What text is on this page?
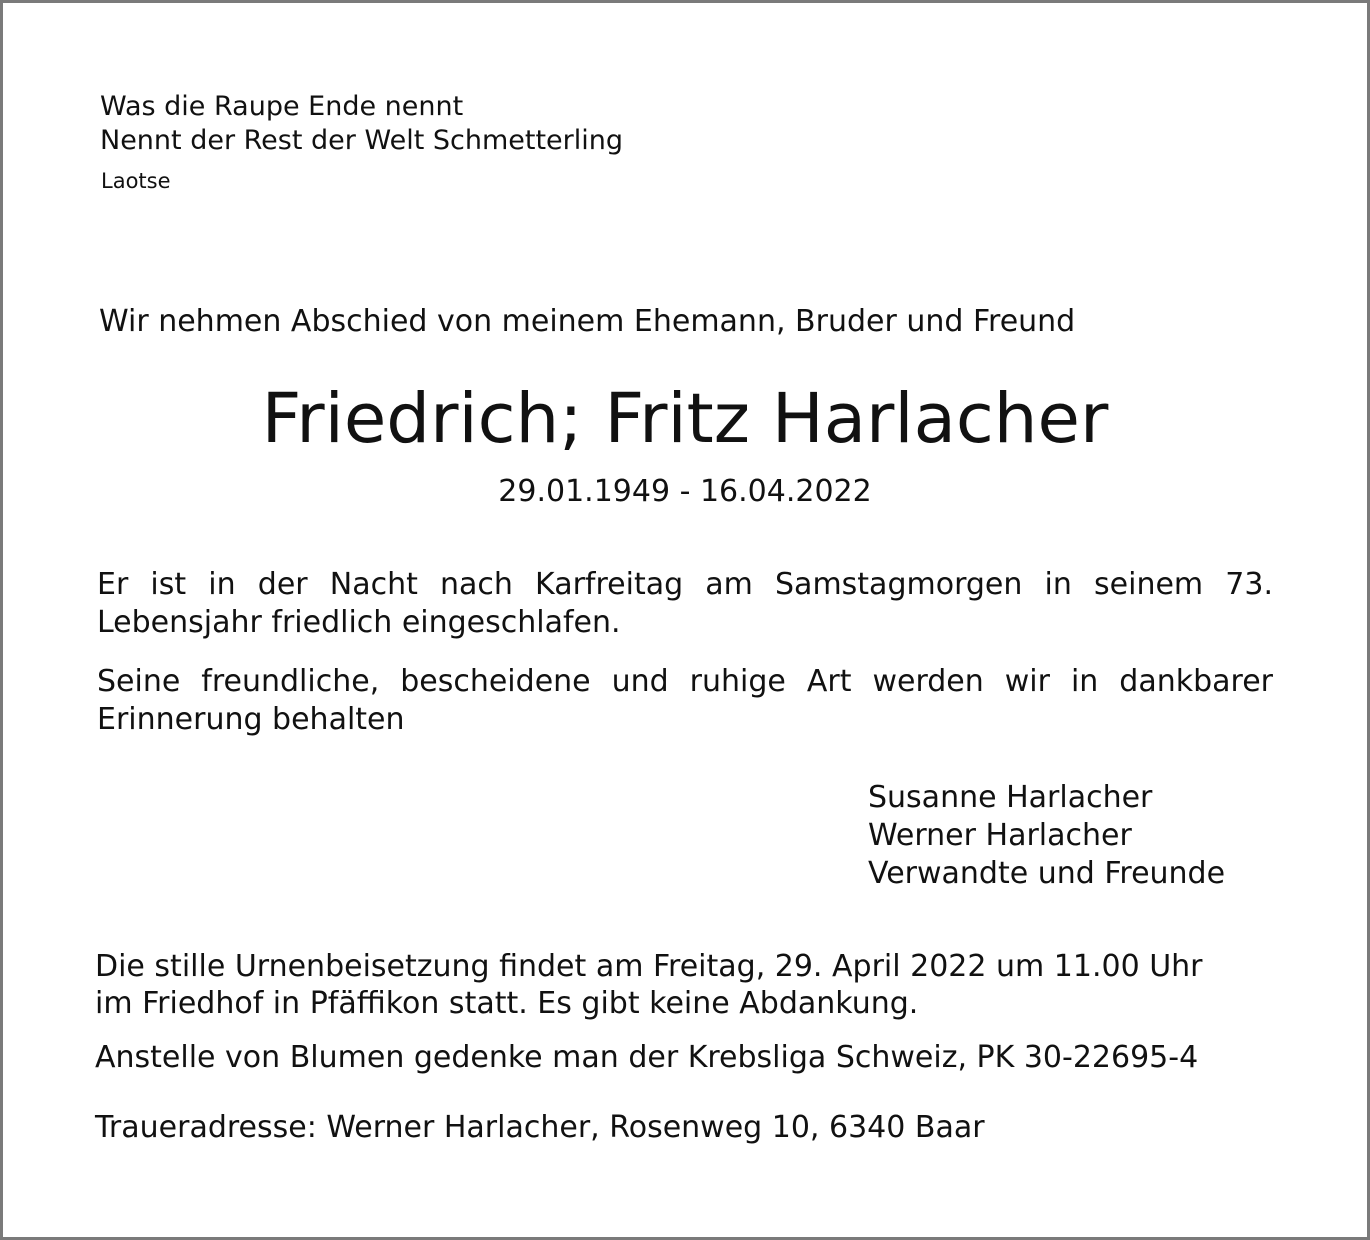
Was die Raupe Ende nennt
Nennt der Rest der Welt Schmetterling
Laotse
Wir nehmen Abschied von meinem Ehemann, Bruder und Freund
Friedrich; Fritz Harlacher
29.01.1949 - 16.04.2022
Er ist in der Nacht nach Karfreitag am Samstagmorgen in seinem 73. Lebensjahr friedlich eingeschlafen.
Seine freundliche, bescheidene und ruhige Art werden wir in dankbarer Erinnerung behalten
Susanne Harlacher
Werner Harlacher
Verwandte und Freunde
Die stille Urnenbeisetzung findet am Freitag, 29. April 2022 um 11.00 Uhr
im Friedhof in Pfäffikon statt. Es gibt keine Abdankung.
Anstelle von Blumen gedenke man der Krebsliga Schweiz, PK 30-22695-4
Traueradresse: Werner Harlacher, Rosenweg 10, 6340 Baar
